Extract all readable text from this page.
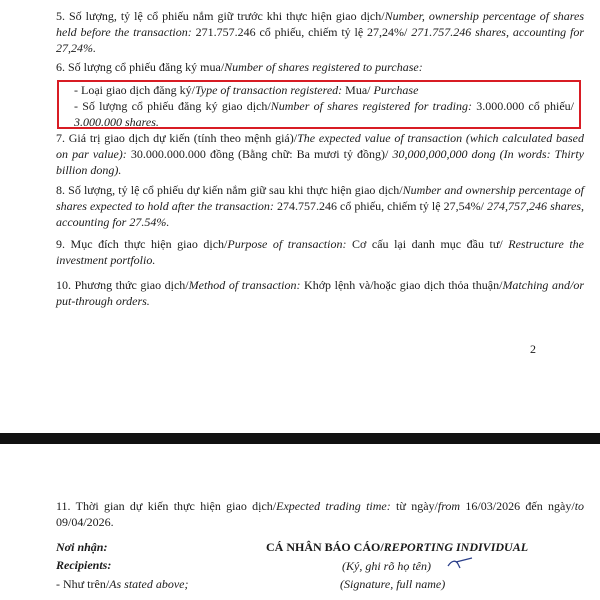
5. Số lượng, tỷ lệ cổ phiếu nắm giữ trước khi thực hiện giao dịch/Number, ownership percentage of shares held before the transaction: 271.757.246 cổ phiếu, chiếm tỷ lệ 27,24%/ 271.757.246 shares, accounting for 27,24%.
6. Số lượng cổ phiếu đăng ký mua/Number of shares registered to purchase:
- Loại giao dịch đăng ký/Type of transaction registered: Mua/ Purchase
- Số lượng cổ phiếu đăng ký giao dịch/Number of shares registered for trading: 3.000.000 cổ phiếu/ 3.000.000 shares.
7. Giá trị giao dịch dự kiến (tính theo mệnh giá)/The expected value of transaction (which calculated based on par value): 30.000.000.000 đồng (Bằng chữ: Ba mươi tỷ đồng)/ 30,000,000,000 dong (In words: Thirty billion dong).
8. Số lượng, tỷ lệ cổ phiếu dự kiến nắm giữ sau khi thực hiện giao dịch/Number and ownership percentage of shares expected to hold after the transaction: 274.757.246 cổ phiếu, chiếm tỷ lệ 27,54%/ 274,757,246 shares, accounting for 27.54%.
9. Mục đích thực hiện giao dịch/Purpose of transaction: Cơ cấu lại danh mục đầu tư/ Restructure the investment portfolio.
10. Phương thức giao dịch/Method of transaction: Khớp lệnh và/hoặc giao dịch thỏa thuận/Matching and/or put-through orders.
2
11. Thời gian dự kiến thực hiện giao dịch/Expected trading time: từ ngày/from 16/03/2026 đến ngày/to 09/04/2026.
Nơi nhận:
Recipients:
- Như trên/As stated above;
CÁ NHÂN BÁO CÁO/REPORTING INDIVIDUAL
(Ký, ghi rõ họ tên)
(Signature, full name)
